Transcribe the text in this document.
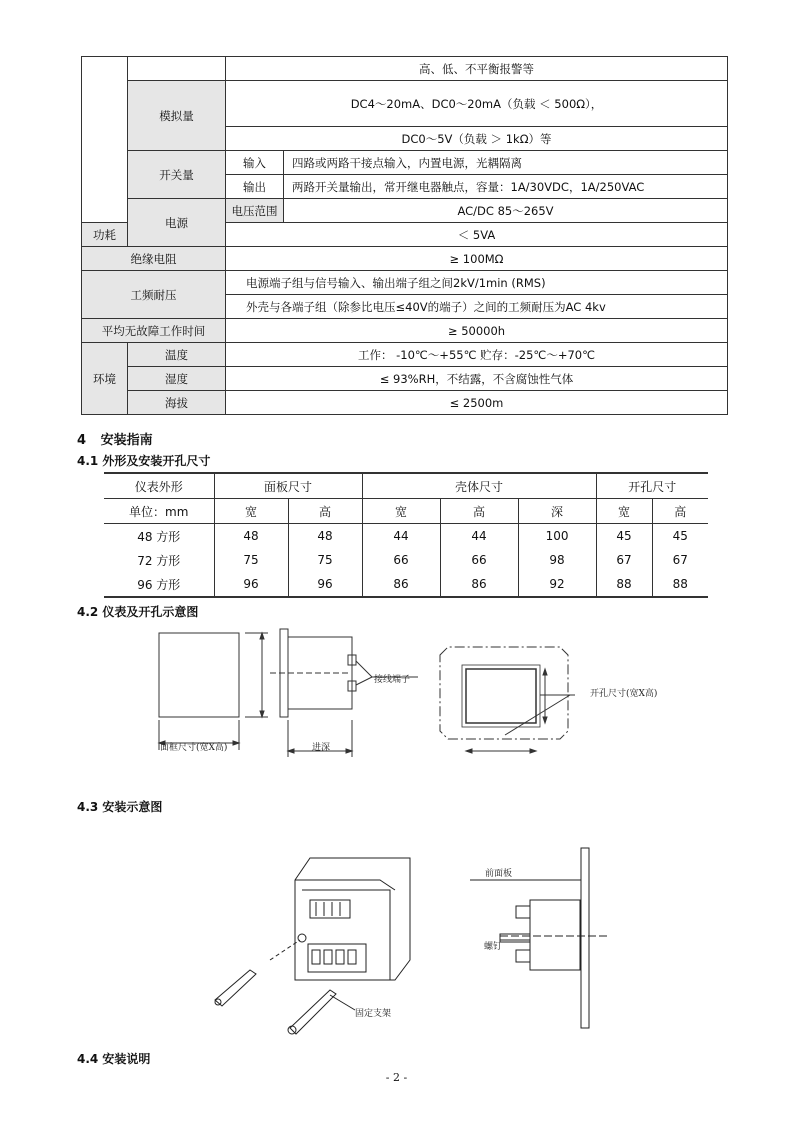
		高、低、不平衡报警等	
	模拟量	DC4～20mA、DC0～20mA（负载 ＜ 500Ω），	
		DC0～5V（负载 ＞ 1kΩ）等	
	开关量	输入	四路或两路干接点输入，内置电源，光耦隔离
		输出	两路开关量输出，常开继电器触点，容量：1A/30VDC，1A/250VAC
	电源	电压范围	AC/DC 85～265V
功耗		＜ 5VA	
绝缘电阻		≥ 100MΩ	
工频耐压		电源端子组与信号输入、输出端子组之间2kV/1min (RMS)	
		外壳与各端子组（除参比电压≤40V的端子）之间的工频耐压为AC 4kv	
平均无故障工作时间		≥ 50000h	
环境	温度	工作： -10℃～+55℃ 贮存：-25℃～+70℃	
	湿度	≤ 93%RH，不结露，不含腐蚀性气体	
	海拔	≤ 2500m	
4 安装指南
4.1 外形及安装开孔尺寸
仪表外形	面板尺寸		壳体尺寸			开孔尺寸	
单位：mm	宽	高	宽	高	深	宽	高
48 方形	48	48	44	44	100	45	45
72 方形	75	75	66	66	98	67	67
96 方形	96	96	86	86	92	88	88
4.2 仪表及开孔示意图
面框尺寸(宽X高)	进深
接线端子
开孔尺寸(宽X高)
4.3 安装示意图
前面板
螺钉
固定支架
4.4 安装说明
- 2 -
